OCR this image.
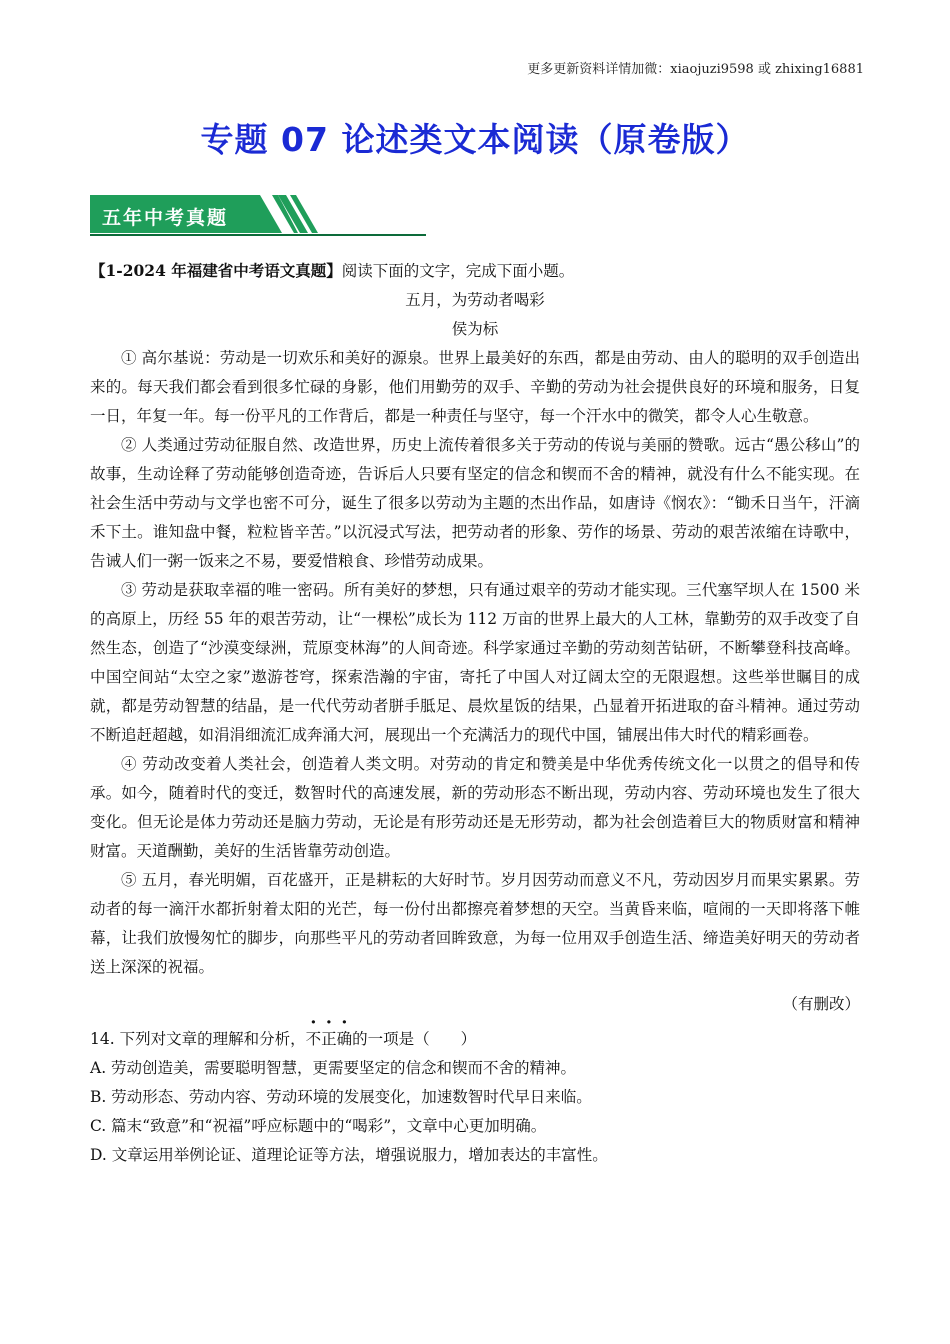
更多更新资料详情加微：xiaojuzi9598 或 zhixing16881
专题 07 论述类文本阅读（原卷版）
五年中考真题

【1-2024 年福建省中考语文真题】阅读下面的文字，完成下面小题。

五月，为劳动者喝彩

侯为标

① 高尔基说：劳动是一切欢乐和美好的源泉。世界上最美好的东西，都是由劳动、由人的聪明的双手创造出来的。每天我们都会看到很多忙碌的身影，他们用勤劳的双手、辛勤的劳动为社会提供良好的环境和服务，日复一日，年复一年。每一份平凡的工作背后，都是一种责任与坚守，每一个汗水中的微笑，都令人心生敬意。

② 人类通过劳动征服自然、改造世界，历史上流传着很多关于劳动的传说与美丽的赞歌。远古“愚公移山”的故事，生动诠释了劳动能够创造奇迹，告诉后人只要有坚定的信念和锲而不舍的精神，就没有什么不能实现。在社会生活中劳动与文学也密不可分，诞生了很多以劳动为主题的杰出作品，如唐诗《悯农》：“锄禾日当午，汗滴禾下土。谁知盘中餐，粒粒皆辛苦。”以沉浸式写法，把劳动者的形象、劳作的场景、劳动的艰苦浓缩在诗歌中，告诫人们一粥一饭来之不易，要爱惜粮食、珍惜劳动成果。

③ 劳动是获取幸福的唯一密码。所有美好的梦想，只有通过艰辛的劳动才能实现。三代塞罕坝人在 1500 米的高原上，历经 55 年的艰苦劳动，让“一棵松”成长为 112 万亩的世界上最大的人工林，靠勤劳的双手改变了自然生态，创造了“沙漠变绿洲，荒原变林海”的人间奇迹。科学家通过辛勤的劳动刻苦钻研，不断攀登科技高峰。中国空间站“太空之家”遨游苍穹，探索浩瀚的宇宙，寄托了中国人对辽阔太空的无限遐想。这些举世瞩目的成就，都是劳动智慧的结晶，是一代代劳动者胼手胝足、晨炊星饭的结果，凸显着开拓进取的奋斗精神。通过劳动不断追赶超越，如涓涓细流汇成奔涌大河，展现出一个充满活力的现代中国，铺展出伟大时代的精彩画卷。

④ 劳动改变着人类社会，创造着人类文明。对劳动的肯定和赞美是中华优秀传统文化一以贯之的倡导和传承。如今，随着时代的变迁，数智时代的高速发展，新的劳动形态不断出现，劳动内容、劳动环境也发生了很大变化。但无论是体力劳动还是脑力劳动，无论是有形劳动还是无形劳动，都为社会创造着巨大的物质财富和精神财富。天道酬勤，美好的生活皆靠劳动创造。

⑤ 五月，春光明媚，百花盛开，正是耕耘的大好时节。岁月因劳动而意义不凡，劳动因岁月而果实累累。劳动者的每一滴汗水都折射着太阳的光芒，每一份付出都擦亮着梦想的天空。当黄昏来临，喧闹的一天即将落下帷幕，让我们放慢匆忙的脚步，向那些平凡的劳动者回眸致意，为每一位用双手创造生活、缔造美好明天的劳动者送上深深的祝福。

（有删改）

14. 下列对文章的理解和分析，不正确的一项是（　　）

A. 劳动创造美，需要聪明智慧，更需要坚定的信念和锲而不舍的精神。

B. 劳动形态、劳动内容、劳动环境的发展变化，加速数智时代早日来临。

C. 篇末“致意”和“祝福”呼应标题中的“喝彩”，文章中心更加明确。

D. 文章运用举例论证、道理论证等方法，增强说服力，增加表达的丰富性。
